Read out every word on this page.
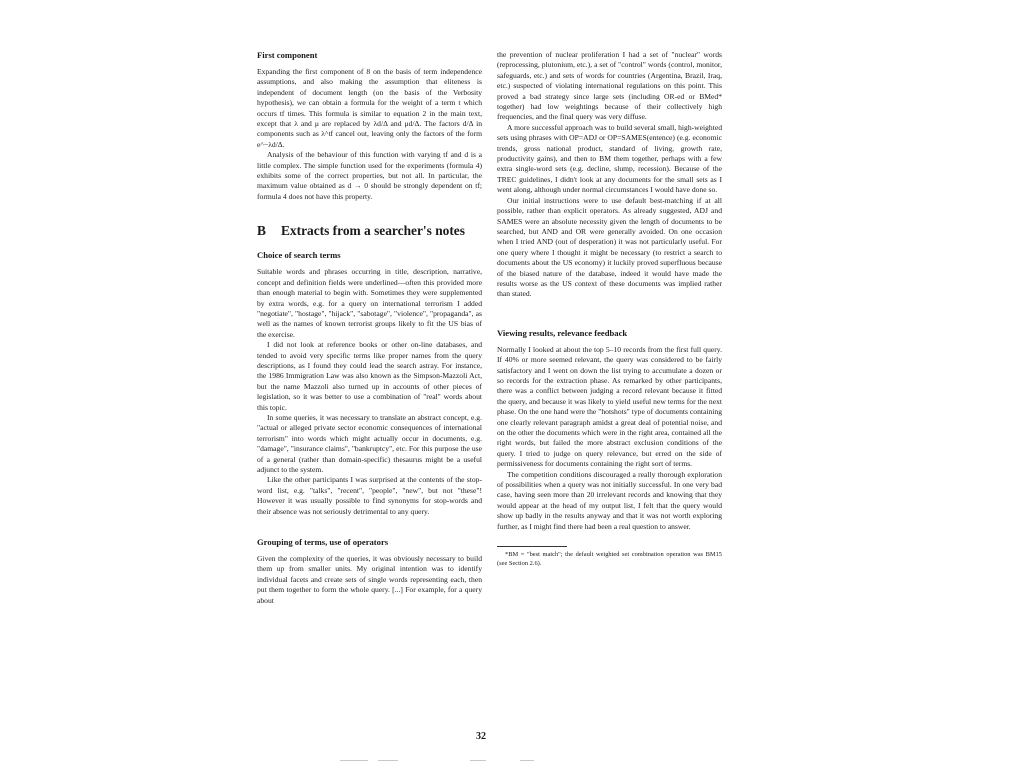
First component

Expanding the first component of 8 on the basis of term independence assumptions, and also making the assumption that eliteness is independent of document length (on the basis of the Verbosity hypothesis), we can obtain a formula for the weight of a term t which occurs tf times. This formula is similar to equation 2 in the main text, except that λ and μ are replaced by λd/Δ and μd/Δ. The factors d/Δ in components such as λ^tf cancel out, leaving only the factors of the form e^−λd/Δ.

Analysis of the behaviour of this function with varying tf and d is a little complex. The simple function used for the experiments (formula 4) exhibits some of the correct properties, but not all. In particular, the maximum value obtained as d → 0 should be strongly dependent on tf; formula 4 does not have this property.

B	Extracts from a searcher's notes
Choice of search terms

Suitable words and phrases occurring in title, description, narrative, concept and definition fields were underlined—often this provided more than enough material to begin with. Sometimes they were supplemented by extra words, e.g. for a query on international terrorism I added "negotiate", "hostage", "hijack", "sabotage", "violence", "propaganda", as well as the names of known terrorist groups likely to fit the US bias of the exercise.

I did not look at reference books or other on-line databases, and tended to avoid very specific terms like proper names from the query descriptions, as I found they could lead the search astray. For instance, the 1986 Immigration Law was also known as the Simpson-Mazzoli Act, but the name Mazzoli also turned up in accounts of other pieces of legislation, so it was better to use a combination of "real" words about this topic.

In some queries, it was necessary to translate an abstract concept, e.g. "actual or alleged private sector economic consequences of international terrorism" into words which might actually occur in documents, e.g. "damage", "insurance claims", "bankruptcy", etc. For this purpose the use of a general (rather than domain-specific) thesaurus might be a useful adjunct to the system.

Like the other participants I was surprised at the contents of the stop-word list, e.g. "talks", "recent", "people", "new", but not "these"! However it was usually possible to find synonyms for stop-words and their absence was not seriously detrimental to any query.

Grouping of terms, use of operators

Given the complexity of the queries, it was obviously necessary to build them up from smaller units. My original intention was to identify individual facets and create sets of single words representing each, then put them together to form the whole query. [...] For example, for a query about

the prevention of nuclear proliferation I had a set of "nuclear" words (reprocessing, plutonium, etc.), a set of "control" words (control, monitor, safeguards, etc.) and sets of words for countries (Argentina, Brazil, Iraq, etc.) suspected of violating international regulations on this point. This proved a bad strategy since large sets (including OR-ed or BMed* together) had low weightings because of their collectively high frequencies, and the final query was very diffuse.

A more successful approach was to build several small, high-weighted sets using phrases with OP=ADJ or OP=SAMES(entence) (e.g. economic trends, gross national product, standard of living, growth rate, productivity gains), and then to BM them together, perhaps with a few extra single-word sets (e.g. decline, slump, recession). Because of the TREC guidelines, I didn't look at any documents for the small sets as I went along, although under normal circumstances I would have done so.

Our initial instructions were to use default best-matching if at all possible, rather than explicit operators. As already suggested, ADJ and SAMES were an absolute necessity given the length of documents to be searched, but AND and OR were generally avoided. On one occasion when I tried AND (out of desperation) it was not particularly useful. For one query where I thought it might be necessary (to restrict a search to documents about the US economy) it luckily proved superfluous because of the biased nature of the database, indeed it would have made the results worse as the US context of these documents was implied rather than stated.

Viewing results, relevance feedback

Normally I looked at about the top 5–10 records from the first full query. If 40% or more seemed relevant, the query was considered to be fairly satisfactory and I went on down the list trying to accumulate a dozen or so records for the extraction phase. As remarked by other participants, there was a conflict between judging a record relevant because it fitted the query, and because it was likely to yield useful new terms for the next phase. On the one hand were the "hotshots" type of documents containing one clearly relevant paragraph amidst a great deal of potential noise, and on the other the documents which were in the right area, contained all the right words, but failed the more abstract exclusion conditions of the query. I tried to judge on query relevance, but erred on the side of permissiveness for documents containing the right sort of terms.

The competition conditions discouraged a really thorough exploration of possibilities when a query was not initially successful. In one very bad case, having seen more than 20 irrelevant records and knowing that they would appear at the head of my output list, I felt that the query would show up badly in the results anyway and that it was not worth exploring further, as I might find there had been a real question to answer.

*BM = "best match"; the default weighted set combination operation was BM15 (see Section 2.6).

32
